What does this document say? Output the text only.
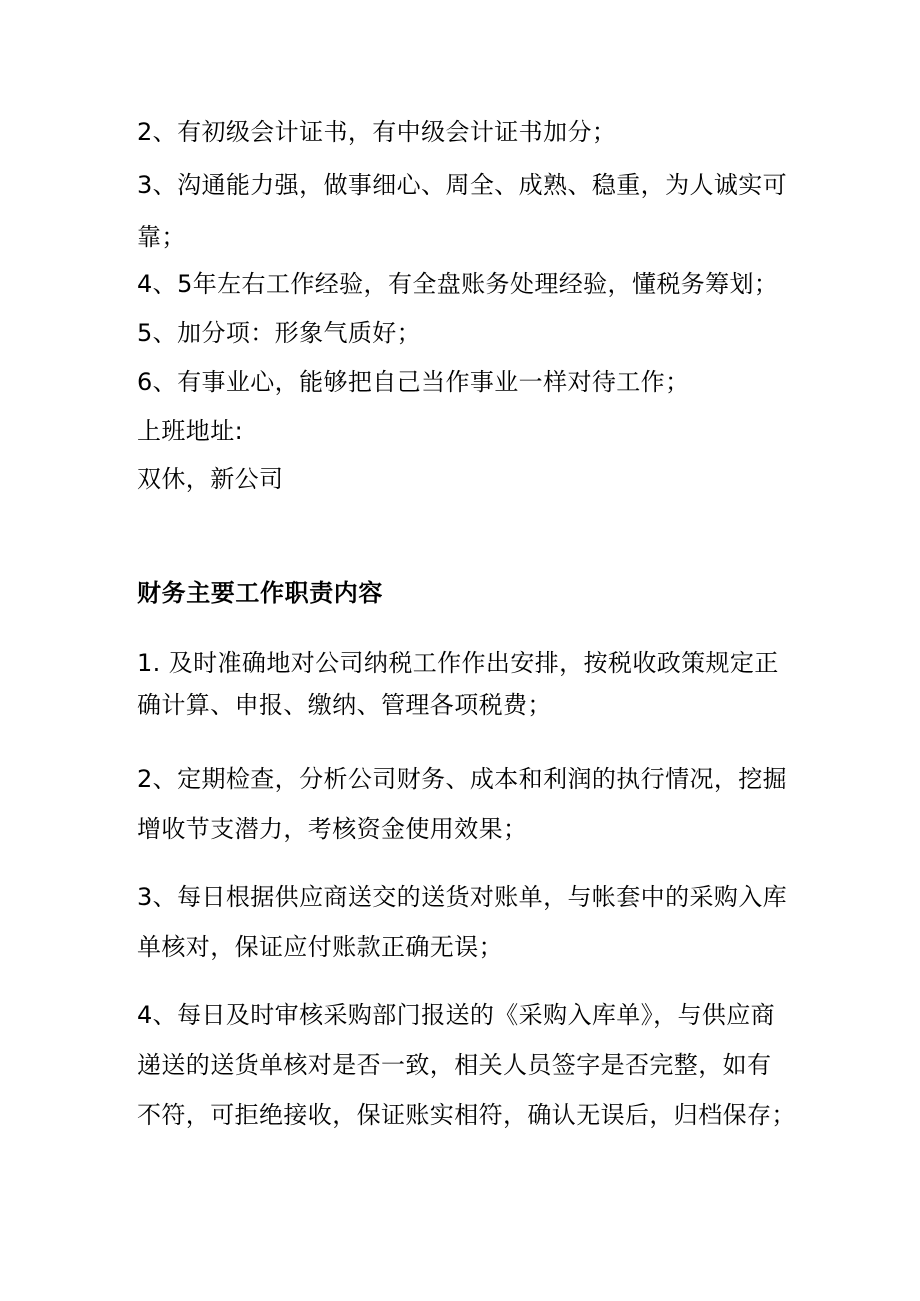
2、有初级会计证书，有中级会计证书加分；
3、沟通能力强，做事细心、周全、成熟、稳重，为人诚实可
靠；
4、5年左右工作经验，有全盘账务处理经验，懂税务筹划；
5、加分项：形象气质好；
6、有事业心，能够把自己当作事业一样对待工作；
上班地址:
双休，新公司
财务主要工作职责内容
1. 及时准确地对公司纳税工作作出安排，按税收政策规定正
确计算、申报、缴纳、管理各项税费；
2、定期检查，分析公司财务、成本和利润的执行情况，挖掘
增收节支潜力，考核资金使用效果；
3、每日根据供应商送交的送货对账单，与帐套中的采购入库
单核对，保证应付账款正确无误；
4、每日及时审核采购部门报送的《采购入库单》，与供应商
递送的送货单核对是否一致，相关人员签字是否完整，如有
不符，可拒绝接收，保证账实相符，确认无误后，归档保存；
